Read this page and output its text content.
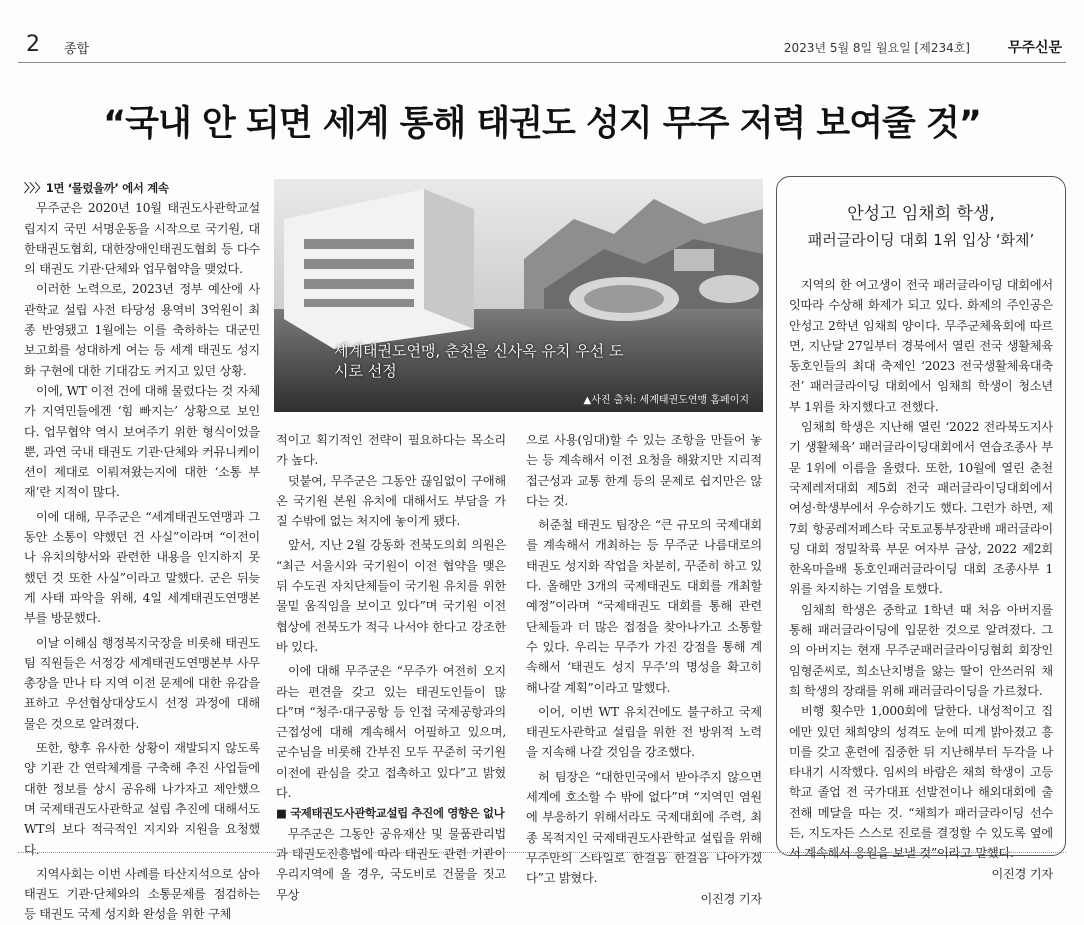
2 종합	2023년 5월 8일 월요일 [제234호]	무주신문
“국내 안 되면 세계 통해 태권도 성지 무주 저력 보여줄 것”

〉〉〉1면 ‘물렀을까’ 에서 계속

무주군은 2020년 10월 태권도사관학교설립지지 국민 서명운동을 시작으로 국기원, 대한태권도협회, 대한장애인태권도협회 등 다수의 태권도 기관·단체와 업무협약을 맺었다.

이러한 노력으로, 2023년 정부 예산에 사관학교 설립 사전 타당성 용역비 3억원이 최종 반영됐고 1월에는 이를 축하하는 대군민 보고회를 성대하게 여는 등 세계 태권도 성지화 구현에 대한 기대감도 커지고 있던 상황.

이에, WT 이전 건에 대해 물렀다는 것 자체가 지역민들에겐 ‘힘 빠지는’ 상황으로 보인다. 업무협약 역시 보여주기 위한 형식이었을 뿐, 과연 국내 태권도 기관·단체와 커뮤니케이션이 제대로 이뤄져왔는지에 대한 ‘소통 부재’란 지적이 많다.

이에 대해, 무주군은 “세계태권도연맹과 그동안 소통이 약했던 건 사실”이라며 “이전이나 유치의향서와 관련한 내용을 인지하지 못했던 것 또한 사실”이라고 말했다. 군은 뒤늦게 사태 파악을 위해, 4일 세계태권도연맹본부를 방문했다.

이날 이해심 행정복지국장을 비롯해 태권도팀 직원들은 서정강 세계태권도연맹본부 사무총장을 만나 타 지역 이전 문제에 대한 유감을 표하고 우선협상대상도시 선정 과정에 대해 물은 것으로 알려졌다.

또한, 향후 유사한 상황이 재발되지 않도록 양 기관 간 연락체계를 구축해 추진 사업들에 대한 정보를 상시 공유해 나가자고 제안했으며 국제태권도사관학교 설립 추진에 대해서도 WT의 보다 적극적인 지지와 지원을 요청했다.

지역사회는 이번 사례를 타산지석으로 삼아 태권도 기관·단체와의 소통문제를 점검하는 등 태권도 국제 성지화 완성을 위한 구체

세계태권도연맹, 춘천을 신사옥 유치 우선 도시로 선정
▲사진 출처: 세계태권도연맹 홈페이지

적이고 획기적인 전략이 필요하다는 목소리가 높다.

덧붙여, 무주군은 그동안 끊임없이 구애해 온 국기원 본원 유치에 대해서도 부담을 가질 수밖에 없는 처지에 놓이게 됐다.

앞서, 지난 2월 강동화 전북도의회 의원은 “최근 서울시와 국기원이 이전 협약을 맺은 뒤 수도권 자치단체들이 국기원 유치를 위한 물밑 움직임을 보이고 있다”며 국기원 이전 협상에 전북도가 적극 나서야 한다고 강조한 바 있다.

이에 대해 무주군은 “무주가 여전히 오지라는 편견을 갖고 있는 태권도인들이 많다”며 “청주·대구공항 등 인접 국제공항과의 근접성에 대해 계속해서 어필하고 있으며, 군수님을 비롯해 간부진 모두 꾸준히 국기원 이전에 관심을 갖고 접촉하고 있다”고 밝혔다.

■ 국제태권도사관학교설립 추진에 영향은 없나

무주군은 그동안 공유재산 및 물품관리법과 태권도진흥법에 따라 태권도 관련 기관이 우리지역에 올 경우, 국도비로 건물을 짓고 무상

으로 사용(임대)할 수 있는 조항을 만들어 놓는 등 계속해서 이전 요청을 해왔지만 지리적 접근성과 교통 한계 등의 문제로 쉽지만은 않다는 것.

허준철 태권도 팀장은 “큰 규모의 국제대회를 계속해서 개최하는 등 무주군 나름대로의 태권도 성지화 작업을 차분히, 꾸준히 하고 있다. 올해만 3개의 국제태권도 대회를 개최할 예정”이라며 “국제태권도 대회를 통해 관련 단체들과 더 많은 접점을 찾아나가고 소통할 수 있다. 우리는 무주가 가진 강점을 통해 계속해서 ‘태권도 성지 무주’의 명성을 확고히 해나갈 계획”이라고 말했다.

이어, 이번 WT 유치건에도 불구하고 국제태권도사관학교 설립을 위한 전 방위적 노력을 지속해 나갈 것임을 강조했다.

허 팀장은 “대한민국에서 받아주지 않으면 세계에 호소할 수 밖에 없다”며 “지역민 염원에 부응하기 위해서라도 국제대회에 주력, 최종 목적지인 국제태권도사관학교 설립을 위해 무주만의 스타일로 한걸음 한걸음 나아가겠다”고 밝혔다.

이진경 기자

안성고 임채희 학생,
패러글라이딩 대회 1위 입상 ‘화제’

지역의 한 여고생이 전국 패러글라이딩 대회에서 잇따라 수상해 화제가 되고 있다. 화제의 주인공은 안성고 2학년 임채희 양이다. 무주군체육회에 따르면, 지난달 27일부터 경북에서 열린 전국 생활체육동호인들의 최대 축제인 ‘2023 전국생활체육대축전’ 패러글라이딩 대회에서 임채희 학생이 청소년부 1위를 차지했다고 전했다.

임채희 학생은 지난해 열린 ‘2022 전라북도지사기 생활체육’ 패러글라이딩대회에서 연습조종사 부문 1위에 이름을 올렸다. 또한, 10월에 열린 춘천국제레저대회 제5회 전국 패러글라이딩대회에서 여성·학생부에서 우승하기도 했다. 그런가 하면, 제7회 항공레저페스타 국토교통부장관배 패러글라이딩 대회 정밀착륙 부문 여자부 금상, 2022 제2회 한옥마을배 동호인패러글라이딩 대회 조종사부 1위를 차지하는 기염을 토했다.

임채희 학생은 중학교 1학년 때 처음 아버지를 통해 패러글라이딩에 입문한 것으로 알려졌다. 그의 아버지는 현재 무주군패러글라이딩협회 회장인 임형준씨로, 희소난치병을 앓는 딸이 안쓰러워 채희 학생의 장래를 위해 패러글라이딩을 가르쳤다.

비행 횟수만 1,000회에 달한다. 내성적이고 집에만 있던 채희양의 성격도 눈에 띠게 밝아졌고 흥미를 갖고 훈련에 집중한 뒤 지난해부터 두각을 나타내기 시작했다. 임씨의 바람은 채희 학생이 고등학교 졸업 전 국가대표 선발전이나 해외대회에 출전해 메달을 따는 것. “채희가 패러글라이딩 선수든, 지도자든 스스로 진로를 결정할 수 있도록 옆에서 계속해서 응원을 보낼 것”이라고 말했다.

이진경 기자
